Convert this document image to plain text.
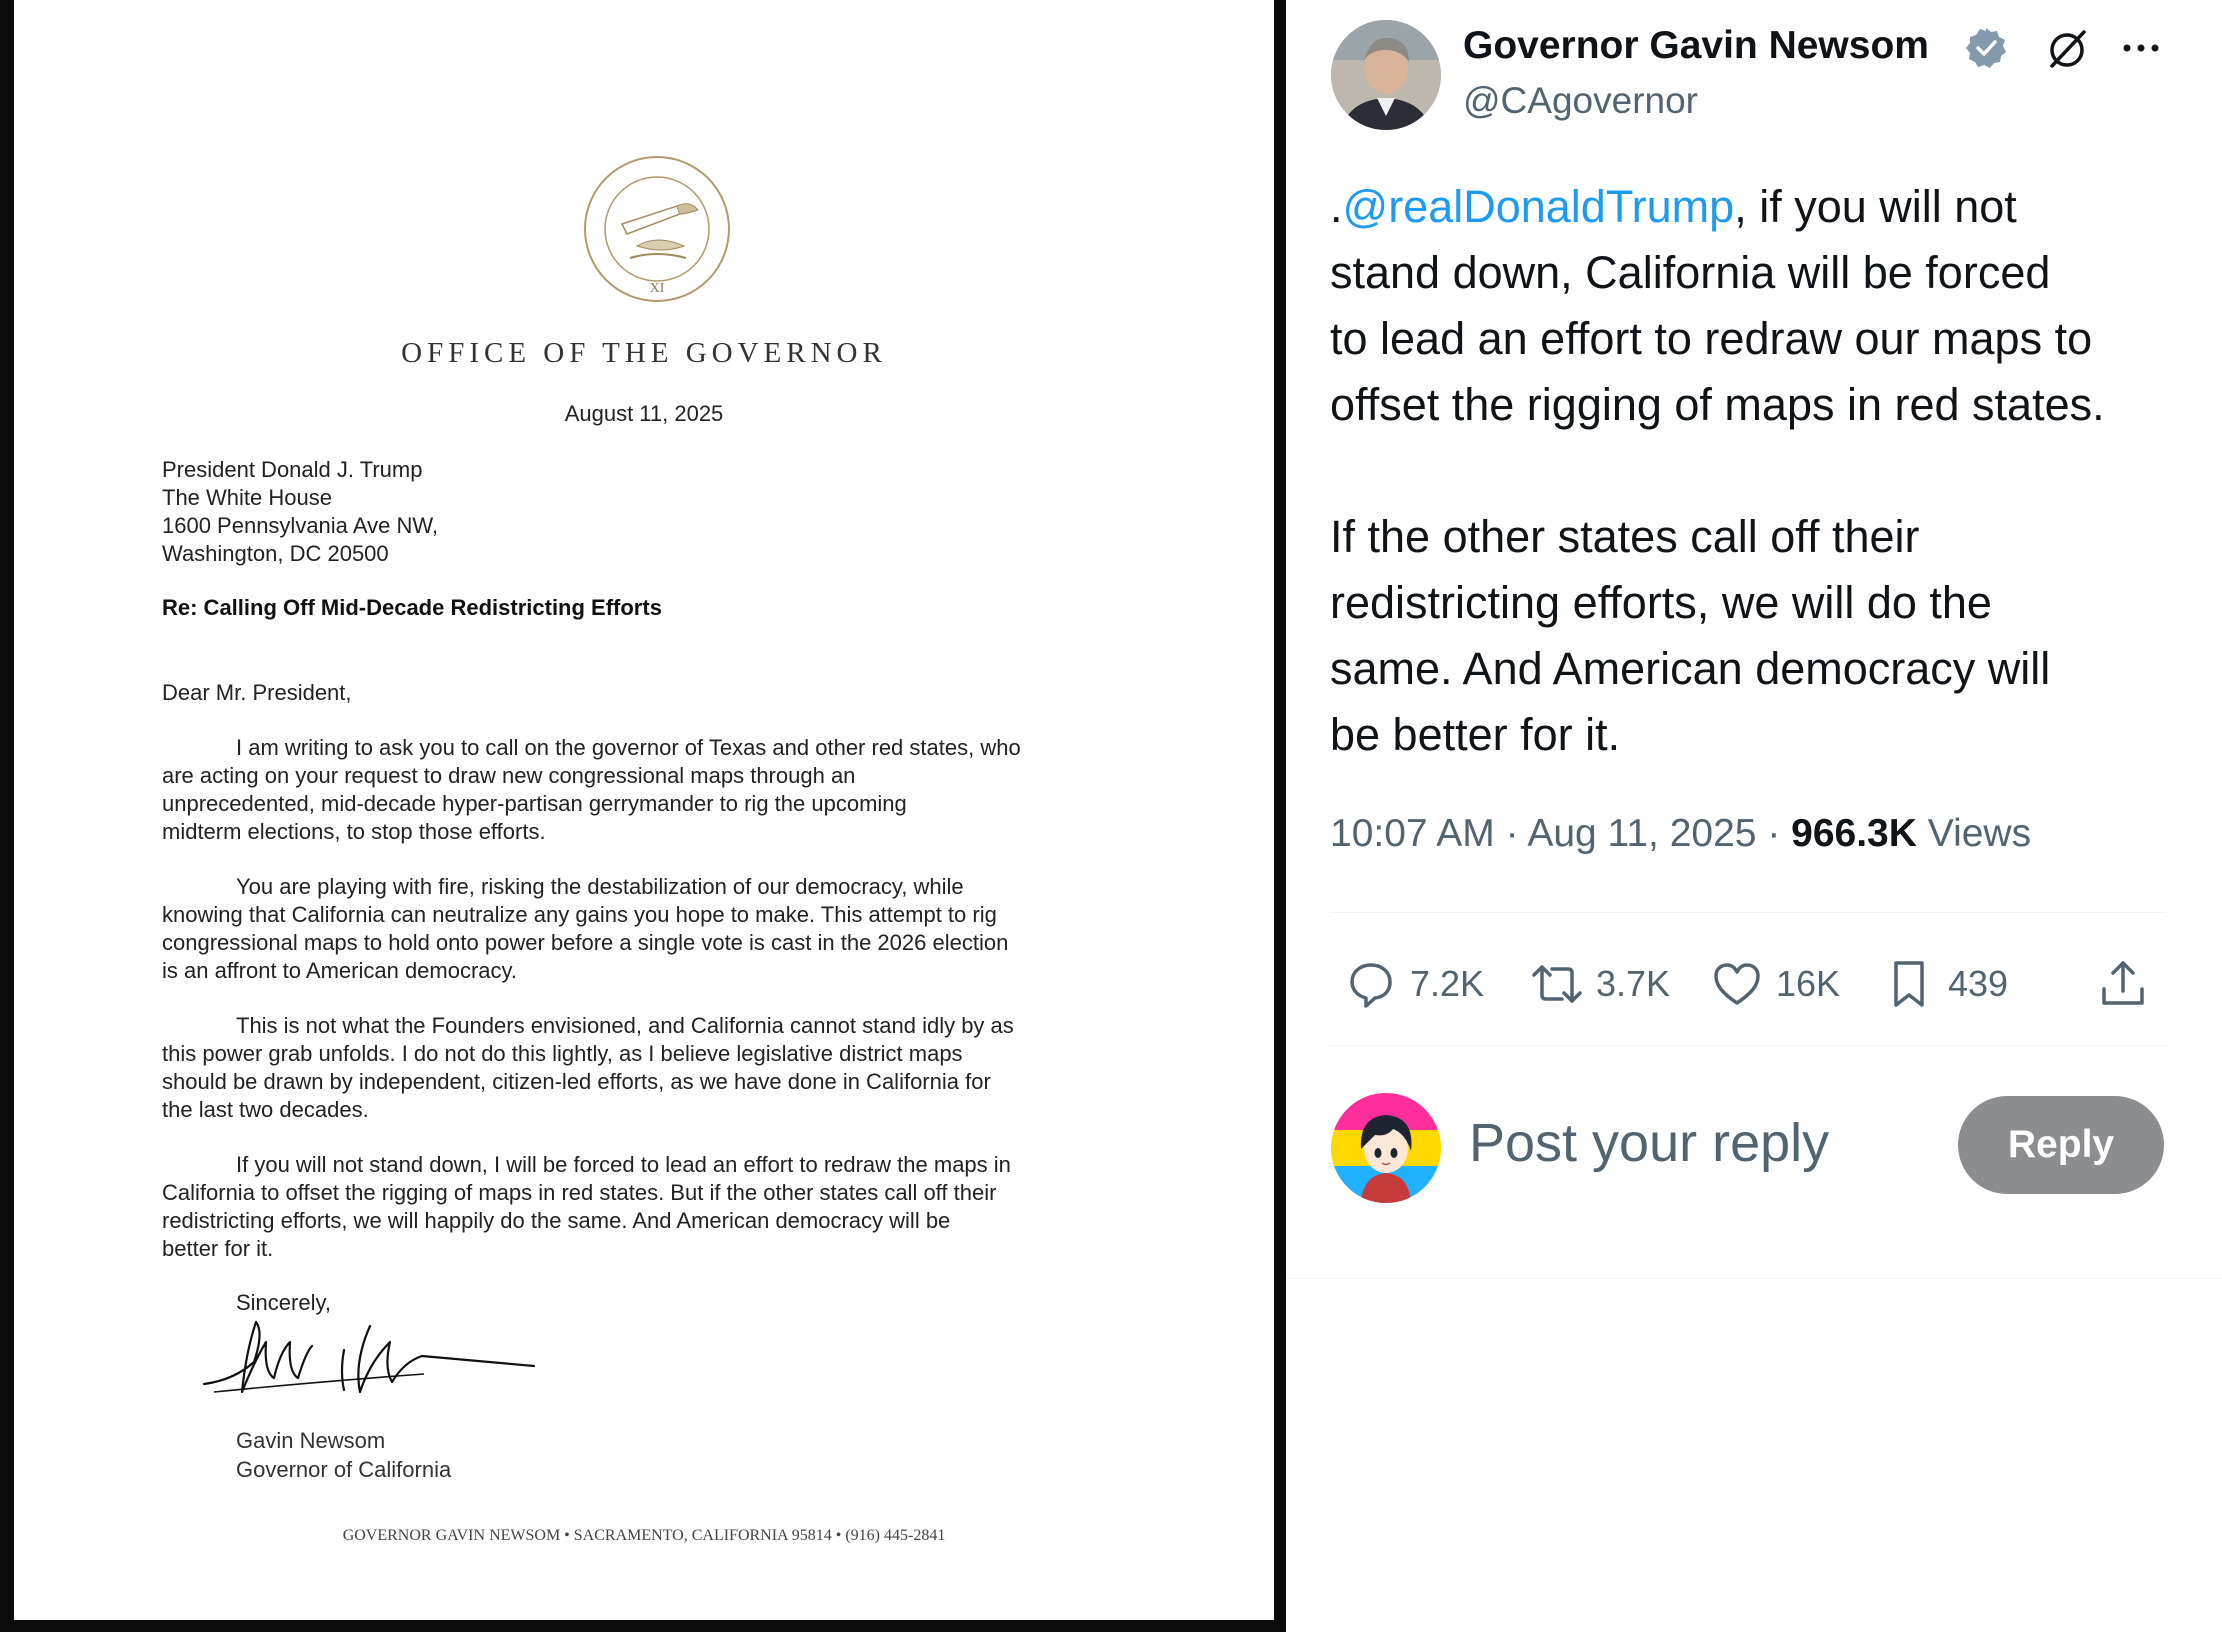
XI
OFFICE OF THE GOVERNOR
August 11, 2025
President Donald J. Trump
The White House
1600 Pennsylvania Ave NW,
Washington, DC 20500
Re: Calling Off Mid-Decade Redistricting Efforts
Dear Mr. President,
I am writing to ask you to call on the governor of Texas and other red states, who
are acting on your request to draw new congressional maps through an
unprecedented, mid-decade hyper-partisan gerrymander to rig the upcoming
midterm elections, to stop those efforts.
You are playing with fire, risking the destabilization of our democracy, while
knowing that California can neutralize any gains you hope to make. This attempt to rig
congressional maps to hold onto power before a single vote is cast in the 2026 election
is an affront to American democracy.
This is not what the Founders envisioned, and California cannot stand idly by as
this power grab unfolds. I do not do this lightly, as I believe legislative district maps
should be drawn by independent, citizen-led efforts, as we have done in California for
the last two decades.
If you will not stand down, I will be forced to lead an effort to redraw the maps in
California to offset the rigging of maps in red states. But if the other states call off their
redistricting efforts, we will happily do the same. And American democracy will be
better for it.
Sincerely,
Gavin Newsom
Governor of California
GOVERNOR GAVIN NEWSOM • SACRAMENTO, CALIFORNIA 95814 • (916) 445-2841
Governor Gavin Newsom
@CAgovernor
.@realDonaldTrump, if you will not
stand down, California will be forced
to lead an effort to redraw our maps to
offset the rigging of maps in red states.
If the other states call off their
redistricting efforts, we will do the
same. And American democracy will
be better for it.
10:07 AM · Aug 11, 2025 · 966.3K Views
7.2K	3.7K	16K	439
Post your reply	Reply
